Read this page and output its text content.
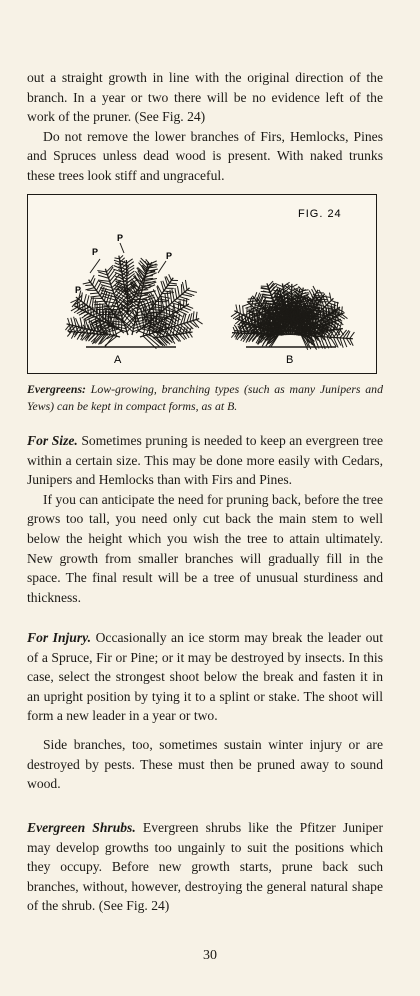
out a straight growth in line with the original direction of the branch. In a year or two there will be no evidence left of the work of the pruner. (See Fig. 24)

Do not remove the lower branches of Firs, Hemlocks, Pines and Spruces unless dead wood is present. With naked trunks these trees look stiff and ungraceful.

FIG. 24
A	B
P
P	P
P
Evergreens: Low-growing, branching types (such as many Junipers and Yews) can be kept in compact forms, as at B.

For Size. Sometimes pruning is needed to keep an evergreen tree within a certain size. This may be done more easily with Cedars, Junipers and Hemlocks than with Firs and Pines.

If you can anticipate the need for pruning back, before the tree grows too tall, you need only cut back the main stem to well below the height which you wish the tree to attain ultimately. New growth from smaller branches will gradually fill in the space. The final result will be a tree of unusual sturdiness and thickness.

For Injury. Occasionally an ice storm may break the leader out of a Spruce, Fir or Pine; or it may be destroyed by insects. In this case, select the strongest shoot below the break and fasten it in an upright position by tying it to a splint or stake. The shoot will form a new leader in a year or two.

Side branches, too, sometimes sustain winter injury or are destroyed by pests. These must then be pruned away to sound wood.

Evergreen Shrubs. Evergreen shrubs like the Pfitzer Juniper may develop growths too ungainly to suit the positions which they occupy. Before new growth starts, prune back such branches, without, however, destroying the general natural shape of the shrub. (See Fig. 24)

30
